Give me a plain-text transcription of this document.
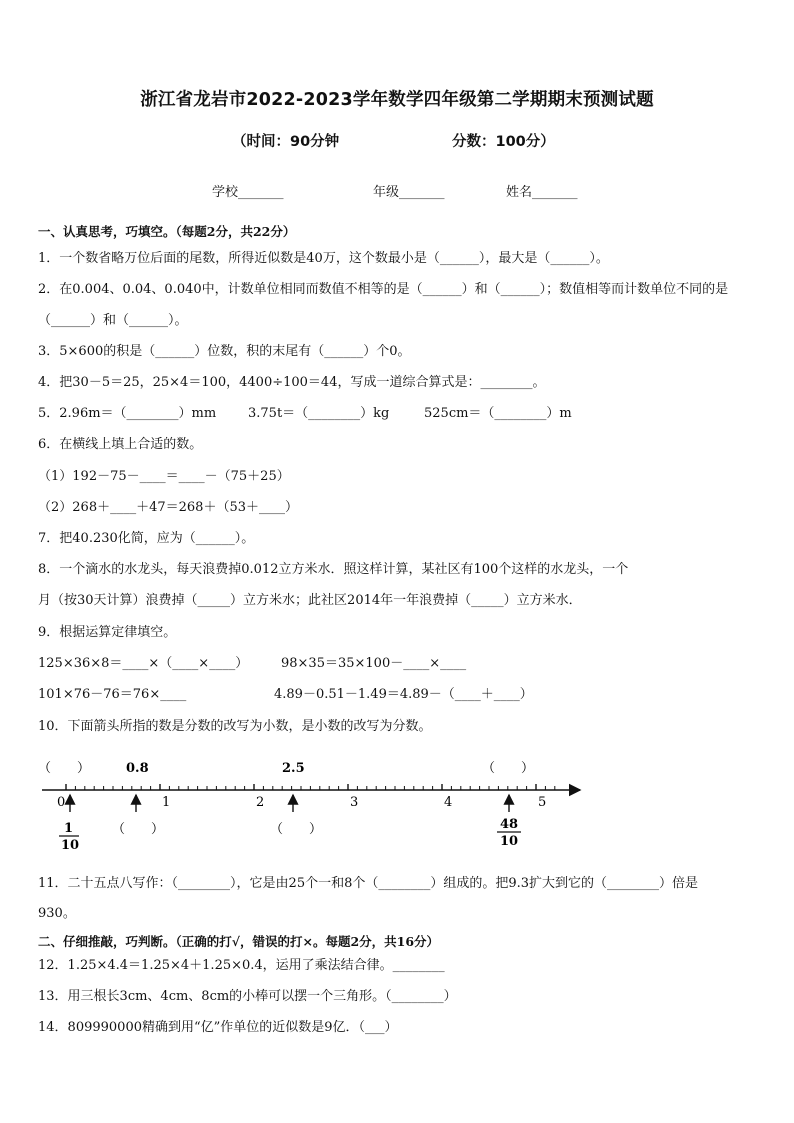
浙江省龙岩市2022-2023学年数学四年级第二学期期末预测试题
（时间：90分钟	分数：100分）
学校_______	年级_______	姓名_______
一、认真思考，巧填空。（每题2分，共22分）
1．一个数省略万位后面的尾数，所得近似数是40万，这个数最小是（______），最大是（______）。
2．在0.004、0.04、0.040中，计数单位相同而数值不相等的是（______）和（______）；数值相等而计数单位不同的是
（______）和（______）。
3．5×600的积是（______）位数，积的末尾有（______）个0。
4．把30－5＝25，25×4＝100，4400÷100＝44，写成一道综合算式是：________。
5．2.96m＝（________）mm 3.75t＝（________）kg	525cm＝（________）m
6．在横线上填上合适的数。
（1）192－75－____＝____－（75＋25）
（2）268＋____＋47＝268＋（53＋____）
7．把40.230化简，应为（______）。
8．一个滴水的水龙头，每天浪费掉0.012立方米水．照这样计算，某社区有100个这样的水龙头，一个
月（按30天计算）浪费掉（_____）立方米水；此社区2014年一年浪费掉（_____）立方米水．
9．根据运算定律填空。
125×36×8＝____×（____×____）	98×35＝35×100－____×____
101×76－76＝76×____	4.89－0.51－1.49＝4.89－（____＋____）
10．下面箭头所指的数是分数的改写为小数，是小数的改写为分数。
（　　）	0.8	2.5	（　　）
0	1	2	3	4	5
1
10
（　　）	（　　）	48
10
11．二十五点八写作：（________），它是由25个一和8个（________）组成的。把9.3扩大到它的（________）倍是
930。
二、仔细推敲，巧判断。（正确的打√，错误的打×。每题2分，共16分）
12．1.25×4.4＝1.25×4＋1.25×0.4，运用了乘法结合律。________
13．用三根长3cm、4cm、8cm的小棒可以摆一个三角形。（________）
14．809990000精确到用“亿”作单位的近似数是9亿．（___）
